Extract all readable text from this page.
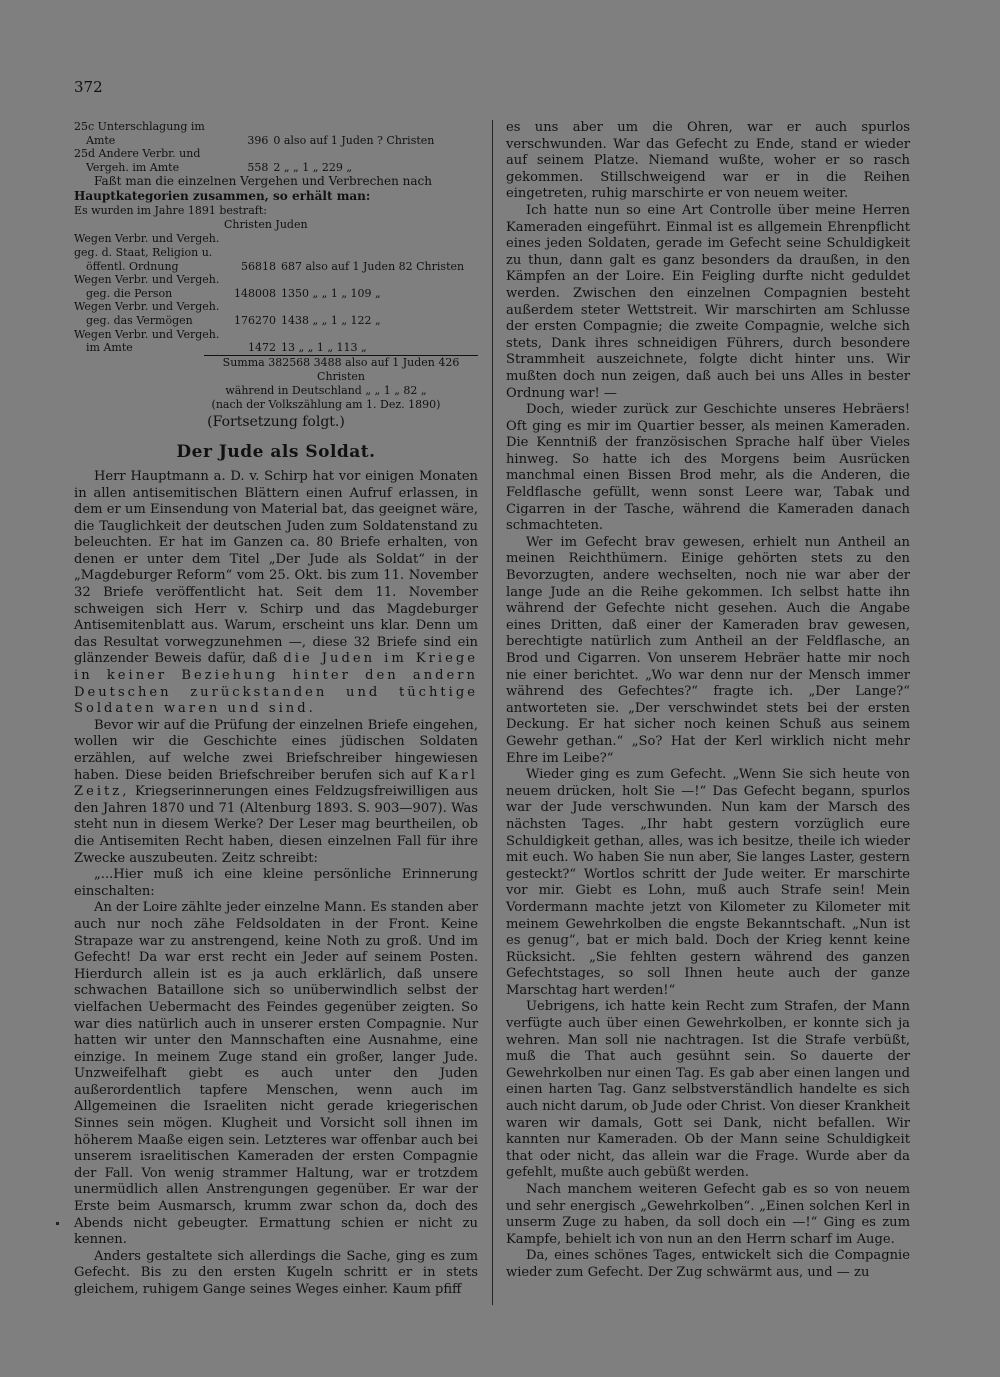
372
25c Unterschlagung im		
Amte	396	0 also auf 1 Juden ? Christen
25d Andere Verbr. und		
Vergeh. im Amte	558	2 „ „ 1 „ 229 „

Faßt man die einzelnen Vergehen und Verbrechen nach

Hauptkategorien zusammen, so erhält man:

Es wurden im Jahre 1891 bestraft:

Christen Juden

Wegen Verbr. und Vergeh.		
geg. d. Staat, Religion u.		
öffentl. Ordnung	56818	687 also auf 1 Juden 82 Christen
Wegen Verbr. und Vergeh.		
geg. die Person	148008	1350 „ „ 1 „ 109 „
Wegen Verbr. und Vergeh.		
geg. das Vermögen	176270	1438 „ „ 1 „ 122 „
Wegen Verbr. und Vergeh.		
im Amte	1472	13 „ „ 1 „ 113 „

Summa 382568 3488 also auf 1 Juden 426 Christen

während in Deutschland „ „ 1 „ 82 „

(nach der Volkszählung am 1. Dez. 1890)

(Fortsetzung folgt.)

Der Jude als Soldat.

Herr Hauptmann a. D. v. Schirp hat vor einigen Monaten in allen antisemitischen Blättern einen Aufruf erlassen, in dem er um Einsendung von Material bat, das geeignet wäre, die Tauglichkeit der deutschen Juden zum Soldatenstand zu beleuchten. Er hat im Ganzen ca. 80 Briefe erhalten, von denen er unter dem Titel „Der Jude als Soldat“ in der „Magdeburger Reform“ vom 25. Okt. bis zum 11. November 32 Briefe veröffentlicht hat. Seit dem 11. November schweigen sich Herr v. Schirp und das Magdeburger Antisemitenblatt aus. Warum, erscheint uns klar. Denn um das Resultat vorwegzunehmen —, diese 32 Briefe sind ein glänzender Beweis dafür, daß die Juden im Kriege in keiner Beziehung hinter den andern Deutschen zurückstanden und tüchtige Soldaten waren und sind.

Bevor wir auf die Prüfung der einzelnen Briefe eingehen, wollen wir die Geschichte eines jüdischen Soldaten erzählen, auf welche zwei Briefschreiber hingewiesen haben. Diese beiden Briefschreiber berufen sich auf Karl Zeitz, Kriegserinnerungen eines Feldzugsfreiwilligen aus den Jahren 1870 und 71 (Altenburg 1893. S. 903—907). Was steht nun in diesem Werke? Der Leser mag beurtheilen, ob die Antisemiten Recht haben, diesen einzelnen Fall für ihre Zwecke auszubeuten. Zeitz schreibt:

„...Hier muß ich eine kleine persönliche Erinnerung einschalten:

An der Loire zählte jeder einzelne Mann. Es standen aber auch nur noch zähe Feldsoldaten in der Front. Keine Strapaze war zu anstrengend, keine Noth zu groß. Und im Gefecht! Da war erst recht ein Jeder auf seinem Posten. Hierdurch allein ist es ja auch erklärlich, daß unsere schwachen Bataillone sich so unüberwindlich selbst der vielfachen Uebermacht des Feindes gegenüber zeigten. So war dies natürlich auch in unserer ersten Compagnie. Nur hatten wir unter den Mannschaften eine Ausnahme, eine einzige. In meinem Zuge stand ein großer, langer Jude. Unzweifelhaft giebt es auch unter den Juden außerordentlich tapfere Menschen, wenn auch im Allgemeinen die Israeliten nicht gerade kriegerischen Sinnes sein mögen. Klugheit und Vorsicht soll ihnen im höherem Maaße eigen sein. Letzteres war offenbar auch bei unserem israelitischen Kameraden der ersten Compagnie der Fall. Von wenig strammer Haltung, war er trotzdem unermüdlich allen Anstrengungen gegenüber. Er war der Erste beim Ausmarsch, krumm zwar schon da, doch des Abends nicht gebeugter. Ermattung schien er nicht zu kennen.

Anders gestaltete sich allerdings die Sache, ging es zum Gefecht. Bis zu den ersten Kugeln schritt er in stets gleichem, ruhigem Gange seines Weges einher. Kaum pfiff

es uns aber um die Ohren, war er auch spurlos verschwunden. War das Gefecht zu Ende, stand er wieder auf seinem Platze. Niemand wußte, woher er so rasch gekommen. Stillschweigend war er in die Reihen eingetreten, ruhig marschirte er von neuem weiter.

Ich hatte nun so eine Art Controlle über meine Herren Kameraden eingeführt. Einmal ist es allgemein Ehrenpflicht eines jeden Soldaten, gerade im Gefecht seine Schuldigkeit zu thun, dann galt es ganz besonders da draußen, in den Kämpfen an der Loire. Ein Feigling durfte nicht geduldet werden. Zwischen den einzelnen Compagnien besteht außerdem steter Wettstreit. Wir marschirten am Schlusse der ersten Compagnie; die zweite Compagnie, welche sich stets, Dank ihres schneidigen Führers, durch besondere Strammheit auszeichnete, folgte dicht hinter uns. Wir mußten doch nun zeigen, daß auch bei uns Alles in bester Ordnung war! —

Doch, wieder zurück zur Geschichte unseres Hebräers! Oft ging es mir im Quartier besser, als meinen Kameraden. Die Kenntniß der französischen Sprache half über Vieles hinweg. So hatte ich des Morgens beim Ausrücken manchmal einen Bissen Brod mehr, als die Anderen, die Feldflasche gefüllt, wenn sonst Leere war, Tabak und Cigarren in der Tasche, während die Kameraden danach schmachteten.

Wer im Gefecht brav gewesen, erhielt nun Antheil an meinen Reichthümern. Einige gehörten stets zu den Bevorzugten, andere wechselten, noch nie war aber der lange Jude an die Reihe gekommen. Ich selbst hatte ihn während der Gefechte nicht gesehen. Auch die Angabe eines Dritten, daß einer der Kameraden brav gewesen, berechtigte natürlich zum Antheil an der Feldflasche, an Brod und Cigarren. Von unserem Hebräer hatte mir noch nie einer berichtet. „Wo war denn nur der Mensch immer während des Gefechtes?“ fragte ich. „Der Lange?“ antworteten sie. „Der verschwindet stets bei der ersten Deckung. Er hat sicher noch keinen Schuß aus seinem Gewehr gethan.“ „So? Hat der Kerl wirklich nicht mehr Ehre im Leibe?“

Wieder ging es zum Gefecht. „Wenn Sie sich heute von neuem drücken, holt Sie —!“ Das Gefecht begann, spurlos war der Jude verschwunden. Nun kam der Marsch des nächsten Tages. „Ihr habt gestern vorzüglich eure Schuldigkeit gethan, alles, was ich besitze, theile ich wieder mit euch. Wo haben Sie nun aber, Sie langes Laster, gestern gesteckt?“ Wortlos schritt der Jude weiter. Er marschirte vor mir. Giebt es Lohn, muß auch Strafe sein! Mein Vordermann machte jetzt von Kilometer zu Kilometer mit meinem Gewehrkolben die engste Bekanntschaft. „Nun ist es genug“, bat er mich bald. Doch der Krieg kennt keine Rücksicht. „Sie fehlten gestern während des ganzen Gefechtstages, so soll Ihnen heute auch der ganze Marschtag hart werden!“

Uebrigens, ich hatte kein Recht zum Strafen, der Mann verfügte auch über einen Gewehrkolben, er konnte sich ja wehren. Man soll nie nachtragen. Ist die Strafe verbüßt, muß die That auch gesühnt sein. So dauerte der Gewehrkolben nur einen Tag. Es gab aber einen langen und einen harten Tag. Ganz selbstverständlich handelte es sich auch nicht darum, ob Jude oder Christ. Von dieser Krankheit waren wir damals, Gott sei Dank, nicht befallen. Wir kannten nur Kameraden. Ob der Mann seine Schuldigkeit that oder nicht, das allein war die Frage. Wurde aber da gefehlt, mußte auch gebüßt werden.

Nach manchem weiteren Gefecht gab es so von neuem und sehr energisch „Gewehrkolben“. „Einen solchen Kerl in unserm Zuge zu haben, da soll doch ein —!“ Ging es zum Kampfe, behielt ich von nun an den Herrn scharf im Auge.

Da, eines schönes Tages, entwickelt sich die Compagnie wieder zum Gefecht. Der Zug schwärmt aus, und — zu
